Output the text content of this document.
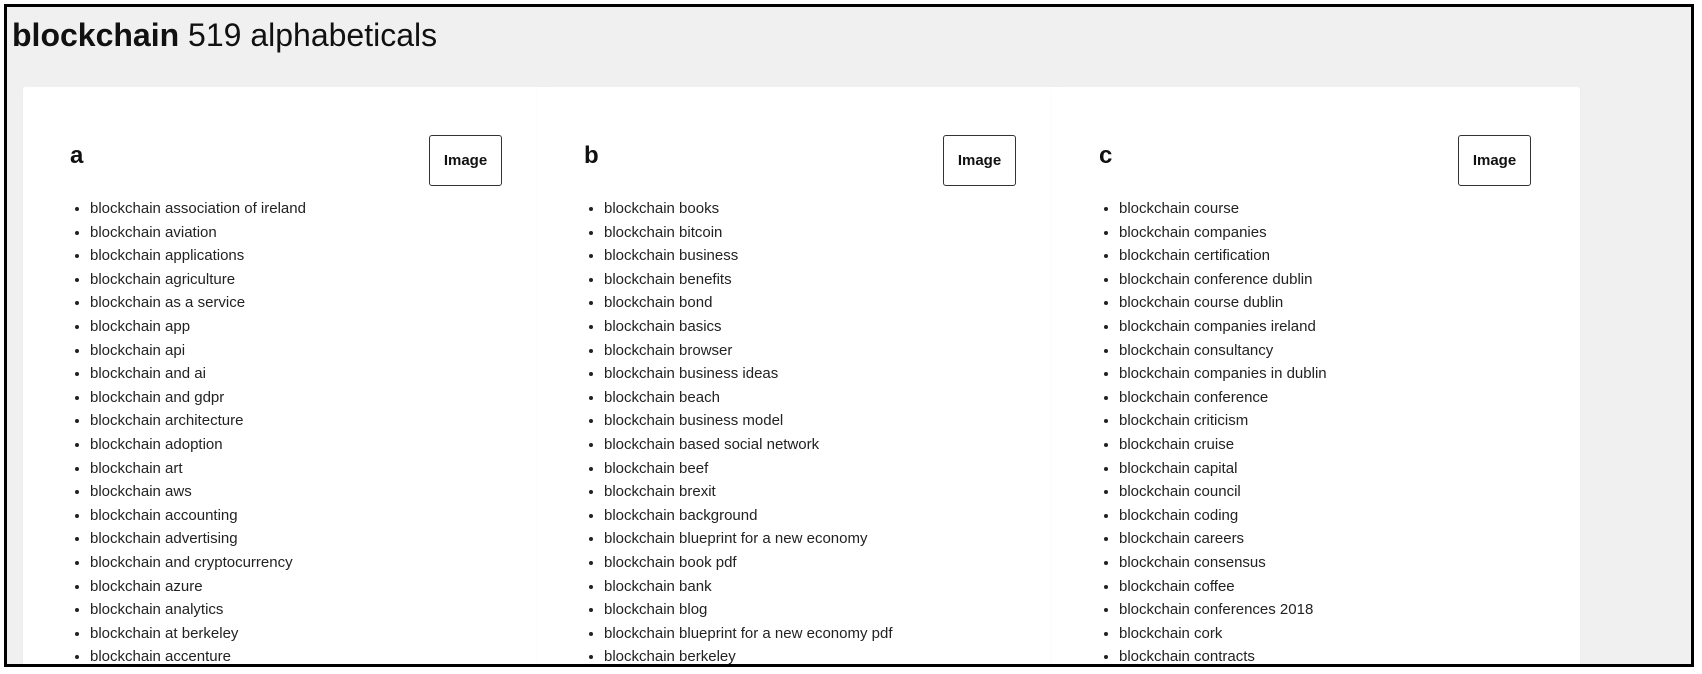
blockchain 519 alphabeticals
a	Image
• blockchain association of ireland
• blockchain aviation
• blockchain applications
• blockchain agriculture
• blockchain as a service
• blockchain app
• blockchain api
• blockchain and ai
• blockchain and gdpr
• blockchain architecture
• blockchain adoption
• blockchain art
• blockchain aws
• blockchain accounting
• blockchain advertising
• blockchain and cryptocurrency
• blockchain azure
• blockchain analytics
• blockchain at berkeley
• blockchain accenture
b	Image
• blockchain books
• blockchain bitcoin
• blockchain business
• blockchain benefits
• blockchain bond
• blockchain basics
• blockchain browser
• blockchain business ideas
• blockchain beach
• blockchain business model
• blockchain based social network
• blockchain beef
• blockchain brexit
• blockchain background
• blockchain blueprint for a new economy
• blockchain book pdf
• blockchain bank
• blockchain blog
• blockchain blueprint for a new economy pdf
• blockchain berkeley
c	Image
• blockchain course
• blockchain companies
• blockchain certification
• blockchain conference dublin
• blockchain course dublin
• blockchain companies ireland
• blockchain consultancy
• blockchain companies in dublin
• blockchain conference
• blockchain criticism
• blockchain cruise
• blockchain capital
• blockchain council
• blockchain coding
• blockchain careers
• blockchain consensus
• blockchain coffee
• blockchain conferences 2018
• blockchain cork
• blockchain contracts
